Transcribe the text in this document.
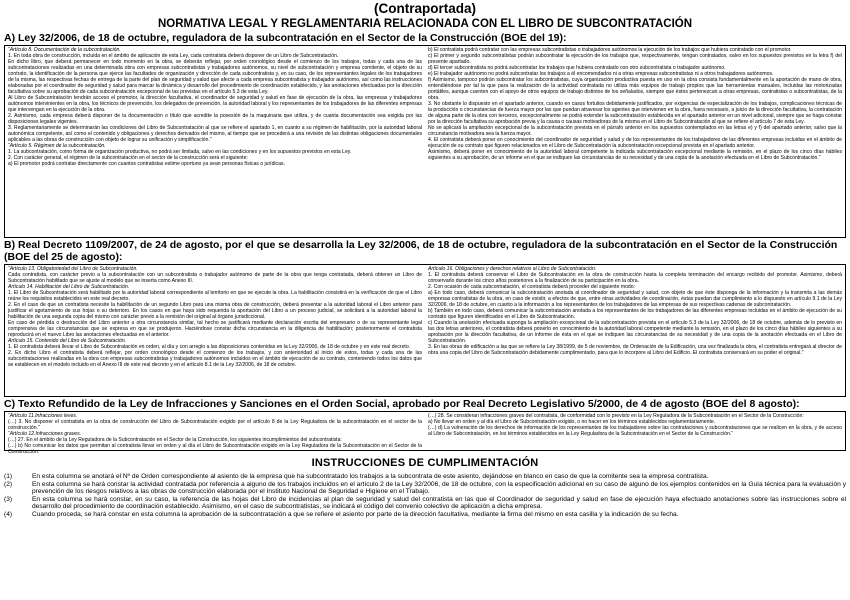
(Contraportada)
NORMATIVA LEGAL Y REGLAMENTARIA RELACIONADA CON EL LIBRO DE SUBCONTRATACIÓN
A) Ley 32/2006, de 18 de octubre, reguladora de la subcontratación en el Sector de la Construcción (BOE del 19):

“Artículo 8. Documentación de la subcontratación.

1. En toda obra de construcción, incluida en el ámbito de aplicación de esta Ley, cada contratista deberá disponer de un Libro de Subcontratación.

En dicho libro, que deberá permanecer en todo momento en la obra, se deberán reflejar, por orden cronológico desde el comienzo de los trabajos, todas y cada una de las subcontrataciones realizadas en una determinada obra con empresas subcontratistas y trabajadores autónomos, su nivel de subcontratación y empresa comitente, el objeto de su contrato, la identificación de la persona que ejerce las facultades de organización y dirección de cada subcontratista y, en su caso, de los representantes legales de los trabajadores de la misma, las respectivas fechas de entrega de la parte del plan de seguridad y salud que afecte a cada empresa subcontratista y trabajador autónomo, así como las instrucciones elaboradas por el coordinador de seguridad y salud para marcar la dinámica y desarrollo del procedimiento de coordinación establecido, y las anotaciones efectuadas por la dirección facultativa sobre su aprobación de cada subcontratación excepcional de las previstas en el artículo 5.3 de esta Ley.

Al Libro de Subcontratación tendrán acceso el promotor, la dirección facultativa, el coordinador de seguridad y salud en fase de ejecución de la obra, las empresas y trabajadores autónomos intervinientes en la obra, los técnicos de prevención, los delegados de prevención, la autoridad laboral y los representantes de los trabajadores de las diferentes empresas que intervengan en la ejecución de la obra.

2. Asimismo, cada empresa deberá disponer de la documentación o título que acredite la posesión de la maquinaria que utiliza, y de cuanta documentación sea exigida por las disposiciones legales vigentes.

3. Reglamentariamente se determinarán las condiciones del Libro de Subcontratación al que se refiere el apartado 1, en cuanto a su régimen de habilitación, por la autoridad laboral autonómica competente, así como el contenido y obligaciones y derechos derivados del mismo, al tiempo que se procederá a una revisión de las distintas obligaciones documentales aplicables a las obras de construcción con objeto de lograr su unificación y simplificación.”

“Artículo 5. Régimen de la subcontratación.

1. La subcontratación, como forma de organización productiva, no podrá ser limitada, salvo en las condiciones y en los supuestos previstos en esta Ley.

2. Con carácter general, el régimen de la subcontratación en el sector de la construcción será el siguiente:

a) El promotor podrá contratar directamente con cuantos contratistas estime oportuno ya sean personas físicas o jurídicas.

b) El contratista podrá contratar con las empresas subcontratistas o trabajadores autónomos la ejecución de los trabajos que hubiera contratado con el promotor.

c) El primer y segundo subcontratistas podrán subcontratar la ejecución de los trabajos que, respectivamente, tengan contratados, salvo en los supuestos previstos en la letra f) del presente apartado.

d) El tercer subcontratista no podrá subcontratar los trabajos que hubiera contratado con otro subcontratista o trabajador autónomo.

e) El trabajador autónomo no podrá subcontratar los trabajos a él encomendados ni a otras empresas subcontratistas ni a otros trabajadores autónomos.

f) Asimismo, tampoco podrán subcontratar los subcontratistas, cuya organización productiva puesta en uso en la obra consista fundamentalmente en la aportación de mano de obra, entendiéndose por tal la que para la realización de la actividad contratada no utiliza más equipos de trabajo propios que las herramientas manuales, incluidas las motorizadas portátiles, aunque cuenten con el apoyo de otros equipos de trabajo distintos de los señalados, siempre que éstos pertenezcan a otras empresas, contratistas o subcontratistas, de la obra.

3. No obstante lo dispuesto en el apartado anterior, cuando en casos fortuitos debidamente justificados, por exigencias de especialización de los trabajos, complicaciones técnicas de la producción o circunstancias de fuerza mayor por las que puedan atravesar los agentes que intervienen en la obra, fuera necesario, a juicio de la dirección facultativa, la contratación de alguna parte de la obra con terceros, excepcionalmente se podrá extender la subcontratación establecida en el apartado anterior en un nivel adicional, siempre que se haga constar por la dirección facultativa su aprobación previa y la causa o causas motivadoras de la misma en el Libro de Subcontratación al que se refiere el artículo 7 de esta Ley.

No se aplicará la ampliación excepcional de la subcontratación prevista en el párrafo anterior en los supuestos contemplados en las letras e) y f) del apartado anterior, salvo que la circunstancia motivadora sea la fuerza mayor.

4. El contratista deberá poner en conocimiento del coordinador de seguridad y salud y de los representantes de los trabajadores de las diferentes empresas incluidas en el ámbito de ejecución de su contrato que figuren relacionados en el Libro de Subcontratación la subcontratación excepcional prevista en el apartado anterior.

Asimismo, deberá poner en conocimiento de la autoridad laboral competente la indicada subcontratación excepcional mediante la remisión, en el plazo de los cinco días hábiles siguientes a su aprobación, de un informe en el que se indiquen las circunstancias de su necesidad y de una copia de la anotación efectuada en el Libro de Subcontratación.”

B) Real Decreto 1109/2007, de 24 de agosto, por el que se desarrolla la Ley 32/2006, de 18 de octubre, reguladora de la subcontratación en el Sector de la Construcción (BOE del 25 de agosto):

“Artículo 13. Obligatoriedad del Libro de Subcontratación.

Cada contratista, con carácter previo a la subcontratación con un subcontratista o trabajador autónomo de parte de la obra que tenga contratada, deberá obtener un Libro de Subcontratación habilitado que se ajuste al modelo que se inserta como Anexo III.

Artículo 14. Habilitación del Libro de Subcontratación.

1. El Libro de Subcontratación será habilitado por la autoridad laboral correspondiente al territorio en que se ejecute la obra. La habilitación consistirá en la verificación de que el Libro reúne los requisitos establecidos en este real decreto.

2. En el caso de que un contratista necesite la habilitación de un segundo Libro para una misma obra de construcción, deberá presentar a la autoridad laboral el Libro anterior para justificar el agotamiento de sus hojas o su deterioro. En los casos en que haya sido requerida la aportación del Libro a un proceso judicial, se solicitará a la autoridad laboral la habilitación de una segunda copia del mismo con carácter previo a la remisión del original al órgano jurisdiccional.

En caso de pérdida o destrucción del Libro anterior u otra circunstancia similar, tal hecho se justificará mediante declaración escrita del empresario o de su representante legal comprensiva de las circunstancias que se expresa en que se produjeron. Haciéndose constar dicha circunstancia en la diligencia de habilitación; posteriormente el contratista reproducirá en el nuevo Libro las anotaciones efectuadas en el anterior.

Artículo 15. Contenido del Libro de Subcontratación.

1. El contratista deberá llevar el Libro de Subcontratación en orden, al día y con arreglo a las disposiciones contenidas en la Ley 32/2006, de 18 de octubre y en este real decreto.

2. En dicho Libro el contratista deberá reflejar, por orden cronológico desde el comienzo de los trabajos, y con anterioridad al inicio de estos, todas y cada una de las subcontrataciones realizadas en la obra con empresas subcontratistas y trabajadores autónomos incluidos en el ámbito de ejecución de su contrato, conteniendo todos los datos que se establecen en el modelo incluido en el Anexo III de este real decreto y en el artículo 8.1 de la Ley 32/2006, de 18 de octubre.

Artículo 16. Obligaciones y derechos relativos al Libro de Subcontratación.

1. El contratista deberá conservar el Libro de Subcontratación en la obra de construcción hasta la completa terminación del encargo recibido del promotor. Asimismo, deberá conservarlo durante los cinco años posteriores a la finalización de su participación en la obra.

2. Con ocasión de cada subcontratación, el contratista deberá proceder del siguiente modo:

a) En todo caso, deberá comunicar la subcontratación anotada al coordinador de seguridad y salud, con objeto de que éste disponga de la información y la transmita a las demás empresas contratistas de la obra, en caso de existir, a efectos de que, entre otras actividades de coordinación, éstas puedan dar cumplimiento a lo dispuesto en artículo 9.1 de la Ley 32/2006, de 18 de octubre, en cuanto a la información a los representantes de los trabajadores de las empresas de sus respectivas cadenas de subcontratación.

b) También en todo caso, deberá comunicar la subcontratación anotada a los representantes de los trabajadores de las diferentes empresas incluidas en el ámbito de ejecución de su contrato que figuren identificados en el Libro de Subcontratación.

c) Cuando la anotación efectuada suponga la ampliación excepcional de la subcontratación prevista en el artículo 5.3 de la Ley 32/2006, de 18 de octubre, además de lo previsto en las dos letras anteriores, el contratista deberá ponerlo en conocimiento de la autoridad laboral competente mediante la remisión, en el plazo de los cinco días hábiles siguientes a su aprobación por la dirección facultativa, de un informe de ésta en el que se indiquen las circunstancias de su necesidad y de una copia de la anotación efectuada en el Libro de Subcontratación.

3. En las obras de edificación a las que se refiere la Ley 38/1999, de 5 de noviembre, de Ordenación de la Edificación, una vez finalizada la obra, el contratista entregará al director de obra una copia del Libro de Subcontratación debidamente cumplimentado, para que lo incorpore al Libro del Edificio. El contratista conservará en su poder el original.”

C) Texto Refundido de la Ley de Infracciones y Sanciones en el Orden Social, aprobado por Real Decreto Legislativo 5/2000, de 4 de agosto (BOE del 8 agosto):

“Artículo 11.Infracciones leves.

(…) 3. No disponer el contratista en la obra de construcción del Libro de Subcontratación exigido por el artículo 8 de la Ley Reguladora de la subcontratación en el sector de la construcción.”

“Artículo 12.Infracciones graves.

(…) 27. En el ámbito de la Ley Reguladora de la Subcontratación en el Sector de la Construcción, los siguientes incumplimientos del subcontratista:

(…) b) No comunicar los datos que permitan al contratista llevar en orden y al día el Libro de Subcontratación exigido en la Ley Reguladora de la Subcontratación en el Sector de la Construcción.

(…) 28. Se consideran infracciones graves del contratista, de conformidad con lo previsto en la Ley Reguladora de la Subcontratación en el Sector de la Construcción:

a) No llevar en orden y al día el Libro de Subcontratación exigido, o no hacer en los términos establecidos reglamentariamente.

(…) d) La vulneración de los derechos de información de los representantes de los trabajadores sobre las contrataciones y subcontrataciones que se realicen en la obra, y de acceso al Libro de Subcontratación, en los términos establecidos en la Ley Reguladora de la Subcontratación en el Sector de la Construcción.”

INSTRUCCIONES DE CUMPLIMENTACIÓN
(1)	En esta columna se anotará el Nº de Orden correspondiente al asiento de la empresa que ha subcontratado los trabajos a la subcontrata de este asiento, dejándose en blanco en caso de que la comitente sea la empresa contratista.
(2)	En esta columna se hará constar la actividad contratada por referencia a alguno de los trabajos incluidos en el artículo 2 de la Ley 32/2006, de 18 de octubre, con la especificación adicional en su caso de alguno de los ejemplos contenidos en la Guía técnica para la evaluación y prevención de los riesgos relativos a las obras de construcción elaborada por el Instituto Nacional de Seguridad e Higiene en el Trabajo.
(3)	En esta columna se hará constar, en su caso, la referencia de las hojas del Libro de incidencias al plan de seguridad y salud del contratista en las que el Coordinador de seguridad y salud en fase de ejecución haya efectuado anotaciones sobre las instrucciones sobre el desarrollo del procedimiento de coordinación establecido. Asimismo, en el caso de subcontratistas, se indicará el código del convenio colectivo de aplicación a dicha empresa.
(4)	Cuando proceda, se hará constar en esta columna la aprobación de la subcontratación a que se refiere el asiento por parte de la dirección facultativa, mediante la firma del mismo en esta casilla y la indicación de su fecha.
